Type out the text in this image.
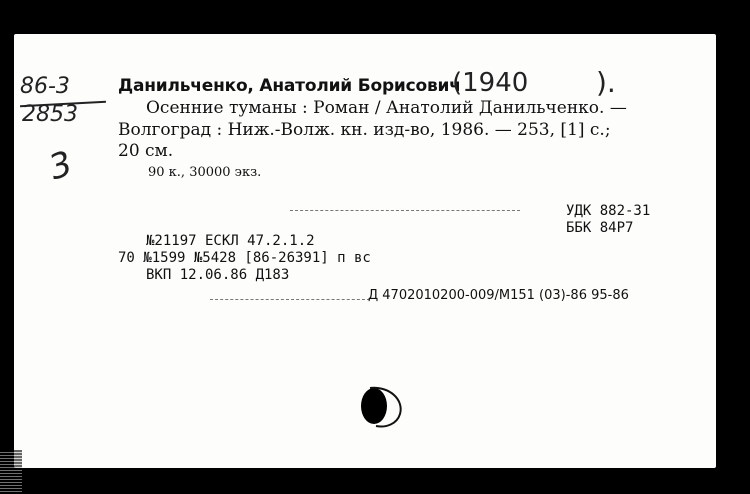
86-3
2853
3
Данильченко, Анатолий Борисович
(1940 ).
Осенние туманы : Роман / Анатолий Данильченко. —
Волгоград : Ниж.-Волж. кн. изд-во, 1986. — 253, [1] с.;
20 см.
90 к., 30000 экз.
УДК 882-31
ББК 84Р7
№21197 ЕСКЛ 47.2.1.2
70 №1599 №5428 [86-26391] п вс
ВКП 12.06.86 Д183
Д 4702010200-009/М151 (03)-86 95-86
